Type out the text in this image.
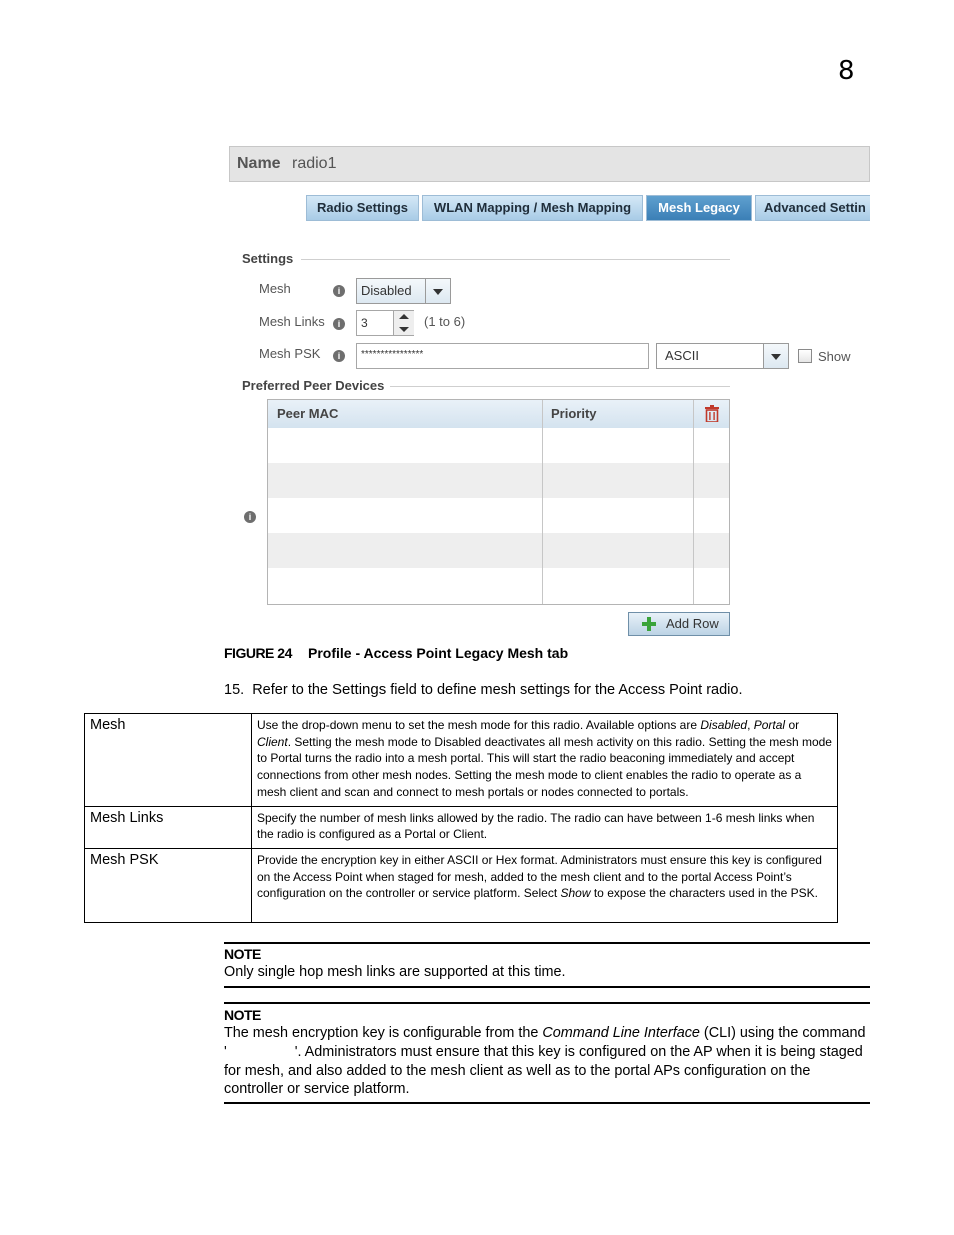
8
Name radio1
Radio Settings	WLAN Mapping / Mesh Mapping	Mesh Legacy	Advanced Settin
Settings
Mesh	i	Disabled
Mesh Links	i	3	(1 to 6)
Mesh PSK	i	****************	ASCII	Show
Preferred Peer Devices
i
Peer MAC	Priority
Add Row
FIGURE 24 Profile - Access Point Legacy Mesh tab
15.  Refer to the Settings field to define mesh settings for the Access Point radio.
Mesh	Use the drop-down menu to set the mesh mode for this radio. Available options are Disabled, Portal or Client. Setting the mesh mode to Disabled deactivates all mesh activity on this radio. Setting the mesh mode to Portal turns the radio into a mesh portal. This will start the radio beaconing immediately and accept connections from other mesh nodes. Setting the mesh mode to client enables the radio to operate as a mesh client and scan and connect to mesh portals or nodes connected to portals.
Mesh Links	Specify the number of mesh links allowed by the radio. The radio can have between 1-6 mesh links when the radio is configured as a Portal or Client.
Mesh PSK	Provide the encryption key in either ASCII or Hex format. Administrators must ensure this key is configured on the Access Point when staged for mesh, added to the mesh client and to the portal Access Point’s configuration on the controller or service platform. Select Show to expose the characters used in the PSK.
NOTE
Only single hop mesh links are supported at this time.
NOTE
The mesh encryption key is configurable from the Command Line Interface (CLI) using the command '                 '. Administrators must ensure that this key is configured on the AP when it is being staged for mesh, and also added to the mesh client as well as to the portal APs configuration on the controller or service platform.
